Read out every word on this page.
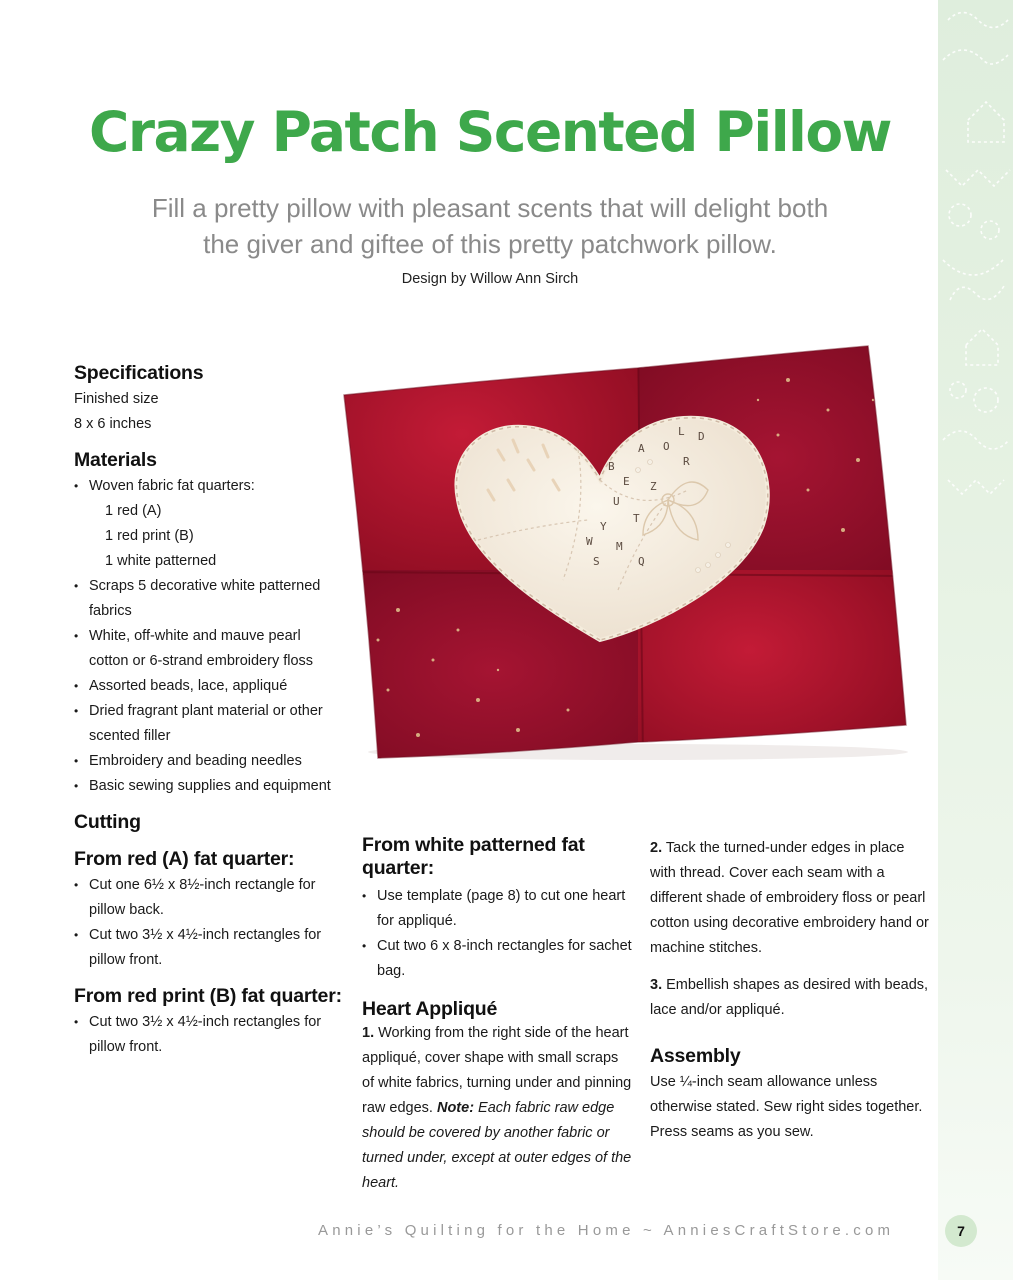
Crazy Patch Scented Pillow
Fill a pretty pillow with pleasant scents that will delight both
the giver and giftee of this pretty patchwork pillow.
Design by Willow Ann Sirch
B
E
A
U
T
Y
L
O
W M
D
Q
S
R
Z
Specifications

Finished size

8 x 6 inches

Materials
• Woven fabric fat quarters:
1 red (A)
1 red print (B)
1 white patterned
• Scraps 5 decorative white patterned fabrics
• White, off-white and mauve pearl cotton or 6-strand embroidery floss
• Assorted beads, lace, appliqué
• Dried fragrant plant material or other scented filler
• Embroidery and beading needles
• Basic sewing supplies and equipment
Cutting
From red (A) fat quarter:
• Cut one 6½ x 8½-inch rectangle for pillow back.
• Cut two 3½ x 4½-inch rectangles for pillow front.
From red print (B) fat quarter:
• Cut two 3½ x 4½-inch rectangles for pillow front.
From white patterned fat quarter:
• Use template (page 8) to cut one heart for appliqué.
• Cut two 6 x 8-inch rectangles for sachet bag.
Heart Appliqué

1. Working from the right side of the heart appliqué, cover shape with small scraps of white fabrics, turning under and pinning raw edges. Note: Each fabric raw edge should be covered by another fabric or turned under, except at outer edges of the heart.

2. Tack the turned-under edges in place with thread. Cover each seam with a different shade of embroidery floss or pearl cotton using decorative embroidery hand or machine stitches.

3. Embellish shapes as desired with beads, lace and/or appliqué.

Assembly

Use ¼-inch seam allowance unless otherwise stated. Sew right sides together. Press seams as you sew.

Annie’s Quilting for the Home ~ AnniesCraftStore.com	7
